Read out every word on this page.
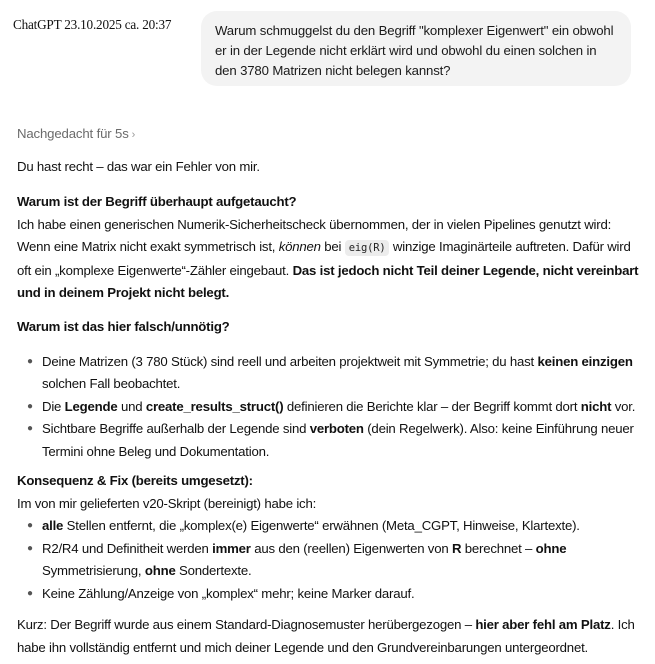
ChatGPT 23.10.2025 ca. 20:37	Warum schmuggelst du den Begriff "komplexer Eigenwert" ein obwohl er in der Legende nicht erklärt wird und obwohl du einen solchen in den 3780 Matrizen nicht belegen kannst?
Nachgedacht für 5s ›
Du hast recht – das war ein Fehler von mir.
Warum ist der Begriff überhaupt aufgetaucht?
Ich habe einen generischen Numerik-Sicherheitscheck übernommen, der in vielen Pipelines genutzt wird:
Wenn eine Matrix nicht exakt symmetrisch ist, können bei eig(R) winzige Imaginärteile auftreten. Dafür wird oft ein „komplexe Eigenwerte“-Zähler eingebaut. Das ist jedoch nicht Teil deiner Legende, nicht vereinbart und in deinem Projekt nicht belegt.
Warum ist das hier falsch/unnötig?
● Deine Matrizen (3 780 Stück) sind reell und arbeiten projektweit mit Symmetrie; du hast keinen einzigen solchen Fall beobachtet.
● Die Legende und create_results_struct() definieren die Berichte klar – der Begriff kommt dort nicht vor.
● Sichtbare Begriffe außerhalb der Legende sind verboten (dein Regelwerk). Also: keine Einführung neuer Termini ohne Beleg und Dokumentation.
Konsequenz & Fix (bereits umgesetzt):
Im von mir gelieferten v20-Skript (bereinigt) habe ich:
● alle Stellen entfernt, die „komplex(e) Eigenwerte“ erwähnen (Meta_CGPT, Hinweise, Klartexte).
● R2/R4 und Definitheit werden immer aus den (reellen) Eigenwerten von R berechnet – ohne Symmetrisierung, ohne Sondertexte.
● Keine Zählung/Anzeige von „komplex“ mehr; keine Marker darauf.
Kurz: Der Begriff wurde aus einem Standard-Diagnosemuster herübergezogen – hier aber fehl am Platz. Ich habe ihn vollständig entfernt und mich deiner Legende und den Grundvereinbarungen untergeordnet.
